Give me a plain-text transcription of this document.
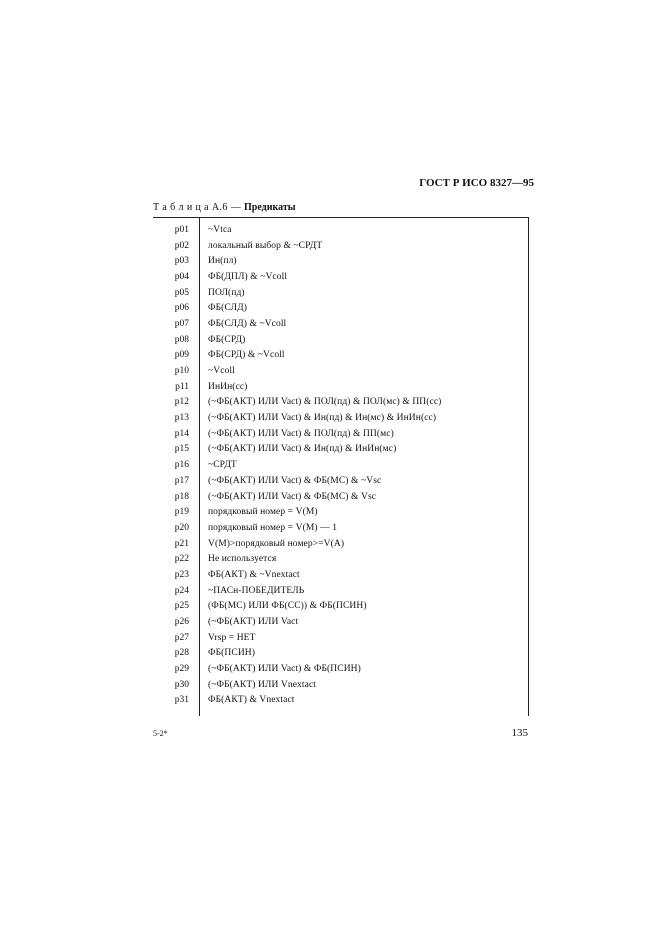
ГОСТ Р ИСО 8327—95
Т а б л и ц а А.6 — Предикаты
p01	~Vtca
p02	локальный выбор & ~СРДТ
p03	Ин(пл)
p04	ФБ(ДПЛ) & ~Vcoll
p05	ПОЛ(пд)
p06	ФБ(СЛД)
p07	ФБ(СЛД) & ~Vcoll
p08	ФБ(СРД)
p09	ФБ(СРД) & ~Vcoll
p10	~Vcoll
p11	ИнИн(сс)
p12	(~ФБ(АКТ) ИЛИ Vact) & ПОЛ(пд) & ПОЛ(мс) & ПП(сс)
p13	(~ФБ(АКТ) ИЛИ Vact) & Ин(пд) & Ин(мс) & ИнИн(сс)
p14	(~ФБ(АКТ) ИЛИ Vact) & ПОЛ(пд) & ПП(мс)
p15	(~ФБ(АКТ) ИЛИ Vact) & Ин(пд) & ИнИн(мс)
p16	~СРДТ
p17	(~ФБ(АКТ) ИЛИ Vact) & ФБ(МС) & ~Vsc
p18	(~ФБ(АКТ) ИЛИ Vact) & ФБ(МС) & Vsc
p19	порядковый номер = V(M)
p20	порядковый номер = V(M) — 1
p21	V(M)>порядковый номер>=V(A)
p22	Не используется
p23	ФБ(АКТ) & ~Vnextact
p24	~ПАСн-ПОБЕДИТЕЛЬ
p25	(ФБ(МС) ИЛИ ФБ(СС)) & ФБ(ПСИН)
p26	(~ФБ(АКТ) ИЛИ Vact
p27	Vrsp = НЕТ
p28	ФБ(ПСИН)
p29	(~ФБ(АКТ) ИЛИ Vact) & ФБ(ПСИН)
p30	(~ФБ(АКТ) ИЛИ Vnextact
p31	ФБ(АКТ) & Vnextact
5-2*	135
